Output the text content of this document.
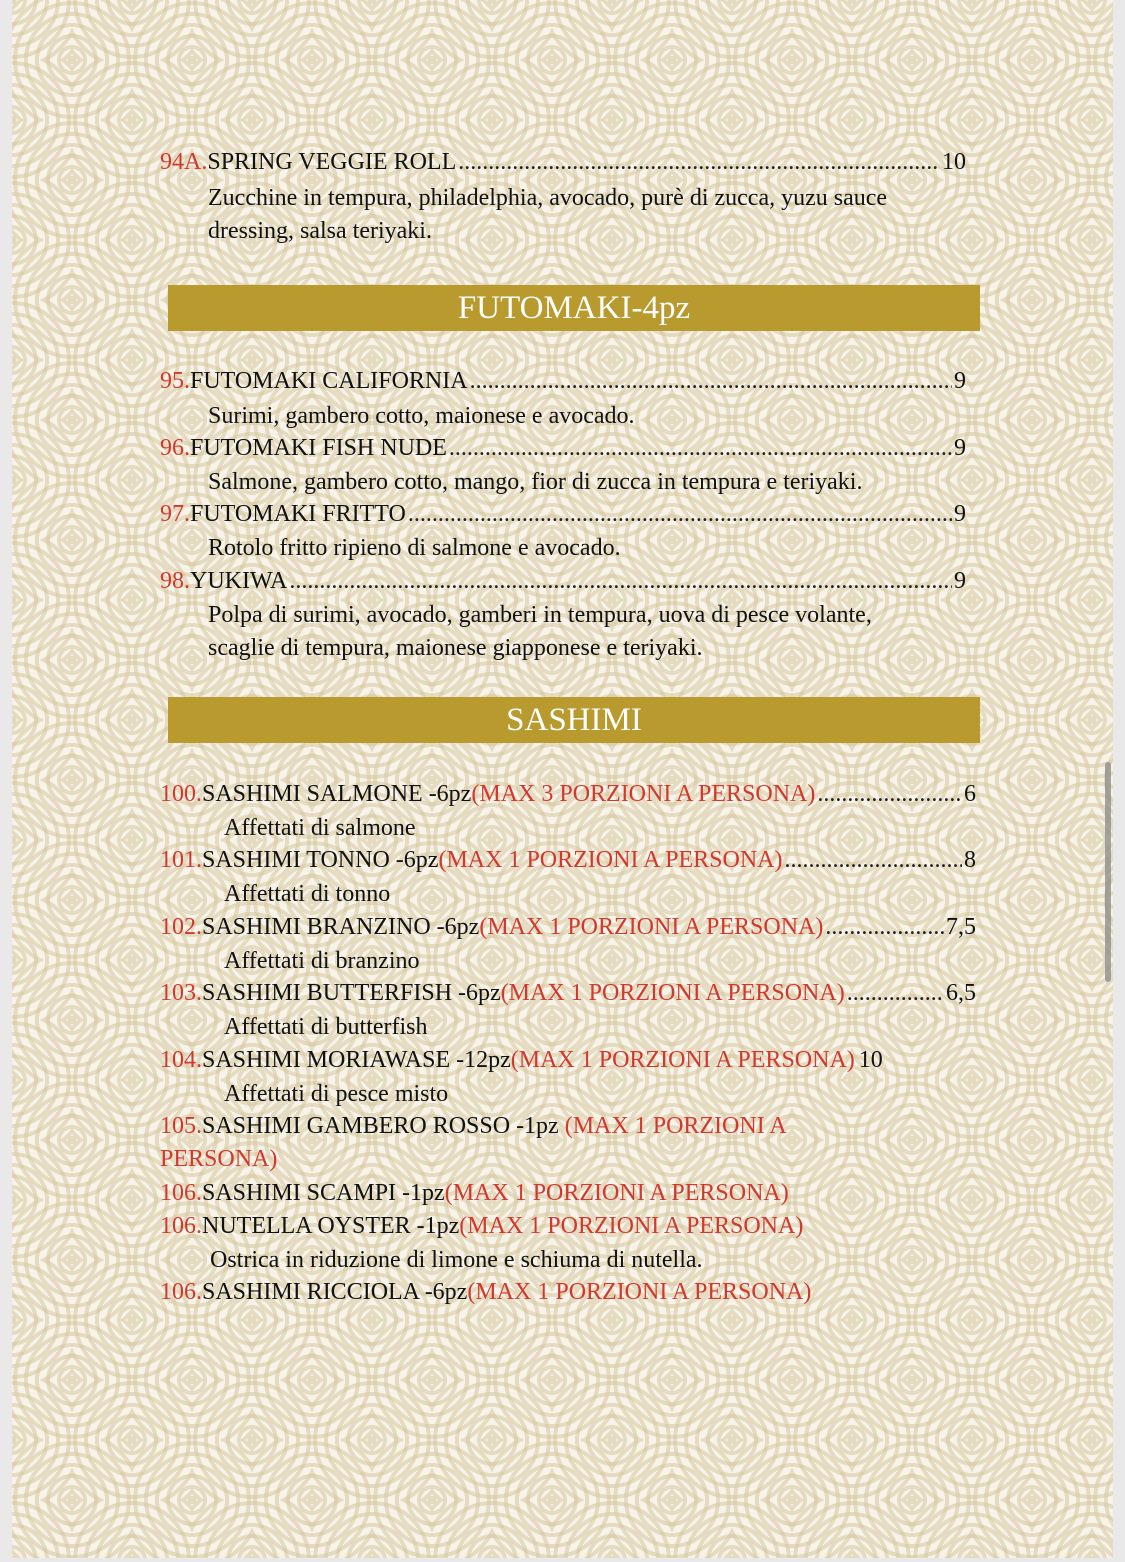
94A. SPRING VEGGIE ROLL .....	10
Zucchine in tempura, philadelphia, avocado, purè di zucca, yuzu sauce
dressing, salsa teriyaki.
FUTOMAKI-4pz
95. FUTOMAKI CALIFORNIA .....	9
Surimi, gambero cotto, maionese e avocado.
96. FUTOMAKI FISH NUDE .....	9
Salmone, gambero cotto, mango, fior di zucca in tempura e teriyaki.
97. FUTOMAKI FRITTO .....	9
Rotolo fritto ripieno di salmone e avocado.
98. YUKIWA .....	9
Polpa di surimi, avocado, gamberi in tempura, uova di pesce volante,
scaglie di tempura, maionese giapponese e teriyaki.
SASHIMI
100. SASHIMI SALMONE -6pz (MAX 3 PORZIONI A PERSONA) .....	6
Affettati di salmone
101. SASHIMI TONNO -6pz (MAX 1 PORZIONI A PERSONA) .....	8
Affettati di tonno
102. SASHIMI BRANZINO -6pz (MAX 1 PORZIONI A PERSONA) .....	7,5
Affettati di branzino
103. SASHIMI BUTTERFISH -6pz (MAX 1 PORZIONI A PERSONA) .....	6,5
Affettati di butterfish
104. SASHIMI MORIAWASE -12pz (MAX 1 PORZIONI A PERSONA) 10
Affettati di pesce misto
105.SASHIMI GAMBERO ROSSO -1pz (MAX 1 PORZIONI A
PERSONA)
106.SASHIMI SCAMPI -1pz(MAX 1 PORZIONI A PERSONA)
106.NUTELLA OYSTER -1pz(MAX 1 PORZIONI A PERSONA)
Ostrica in riduzione di limone e schiuma di nutella.
106.SASHIMI RICCIOLA -6pz(MAX 1 PORZIONI A PERSONA)
